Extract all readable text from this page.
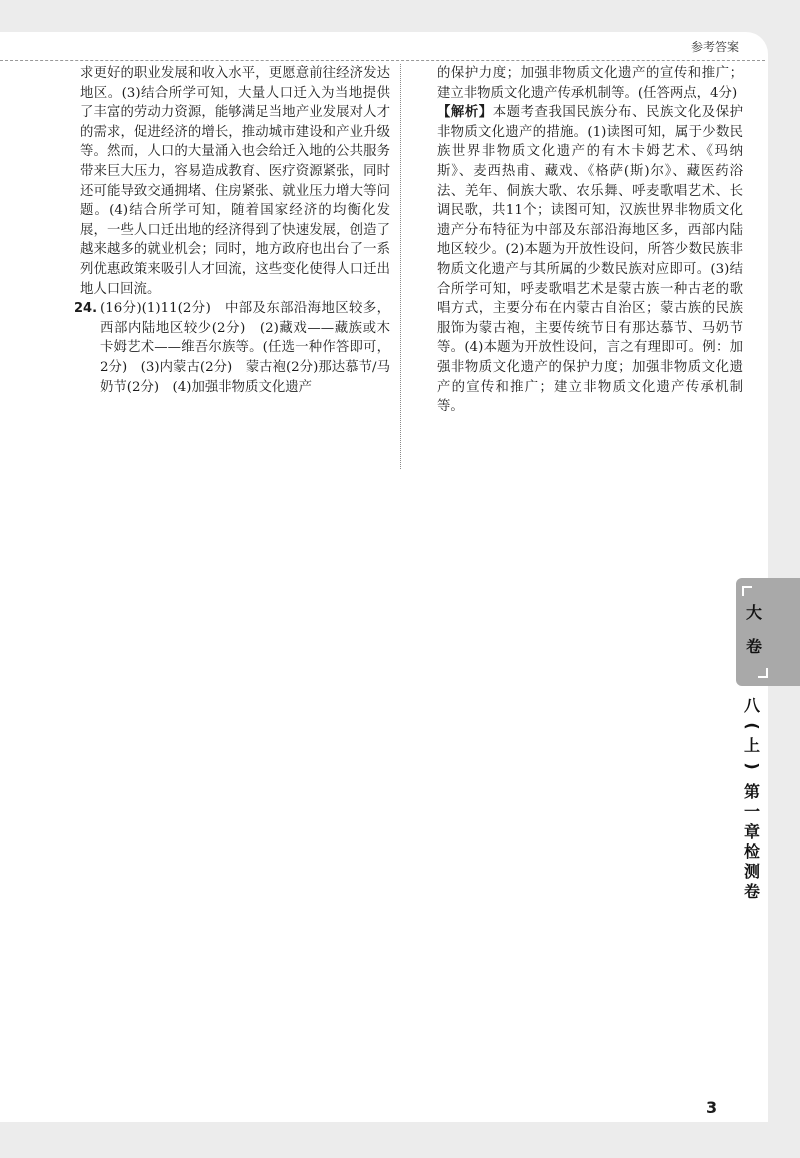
参考答案

求更好的职业发展和收入水平，更愿意前往经济发达地区。(3)结合所学可知，大量人口迁入为当地提供了丰富的劳动力资源，能够满足当地产业发展对人才的需求，促进经济的增长，推动城市建设和产业升级等。然而，人口的大量涌入也会给迁入地的公共服务带来巨大压力，容易造成教育、医疗资源紧张，同时还可能导致交通拥堵、住房紧张、就业压力增大等问题。(4)结合所学可知，随着国家经济的均衡化发展，一些人口迁出地的经济得到了快速发展，创造了越来越多的就业机会；同时，地方政府也出台了一系列优惠政策来吸引人才回流，这些变化使得人口迁出地人口回流。

24. (16分)(1)11(2分)　中部及东部沿海地区较多，西部内陆地区较少(2分)　(2)藏戏——藏族或木卡姆艺术——维吾尔族等。(任选一种作答即可，2分)　(3)内蒙古(2分)　蒙古袍(2分)那达慕节/马奶节(2分)　(4)加强非物质文化遗产

的保护力度；加强非物质文化遗产的宣传和推广；建立非物质文化遗产传承机制等。(任答两点，4分)

【解析】本题考查我国民族分布、民族文化及保护非物质文化遗产的措施。(1)读图可知，属于少数民族世界非物质文化遗产的有木卡姆艺术、《玛纳斯》、麦西热甫、藏戏、《格萨(斯)尔》、藏医药浴法、羌年、侗族大歌、农乐舞、呼麦歌唱艺术、长调民歌，共11个；读图可知，汉族世界非物质文化遗产分布特征为中部及东部沿海地区多，西部内陆地区较少。(2)本题为开放性设问，所答少数民族非物质文化遗产与其所属的少数民族对应即可。(3)结合所学可知，呼麦歌唱艺术是蒙古族一种古老的歌唱方式，主要分布在内蒙古自治区；蒙古族的民族服饰为蒙古袍，主要传统节日有那达慕节、马奶节等。(4)本题为开放性设问，言之有理即可。例：加强非物质文化遗产的保护力度；加强非物质文化遗产的宣传和推广；建立非物质文化遗产传承机制等。

大
卷
八
(
上
)
第
一
章
检
测
卷
3
